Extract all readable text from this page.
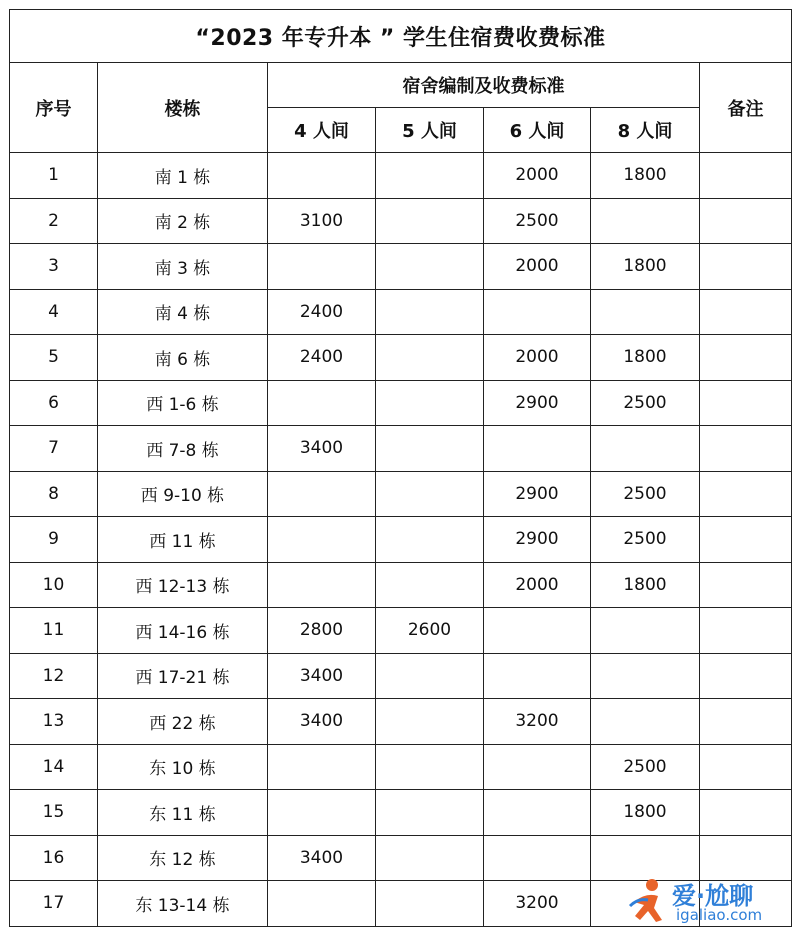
“2023 年专升本 ” 学生住宿费收费标准						
序号	楼栋	宿舍编制及收费标准				备注
		4 人间	5 人间	6 人间	8 人间	
1	南 1 栋			2000	1800	
2	南 2 栋	3100		2500		
3	南 3 栋			2000	1800	
4	南 4 栋	2400				
5	南 6 栋	2400		2000	1800	
6	西 1-6 栋			2900	2500	
7	西 7-8 栋	3400				
8	西 9-10 栋			2900	2500	
9	西 11 栋			2900	2500	
10	西 12-13 栋			2000	1800	
11	西 14-16 栋	2800	2600			
12	西 17-21 栋	3400				
13	西 22 栋	3400		3200		
14	东 10 栋				2500	
15	东 11 栋				1800	
16	东 12 栋	3400				
17	东 13-14 栋			3200			爱·尬聊
igaliao.com
